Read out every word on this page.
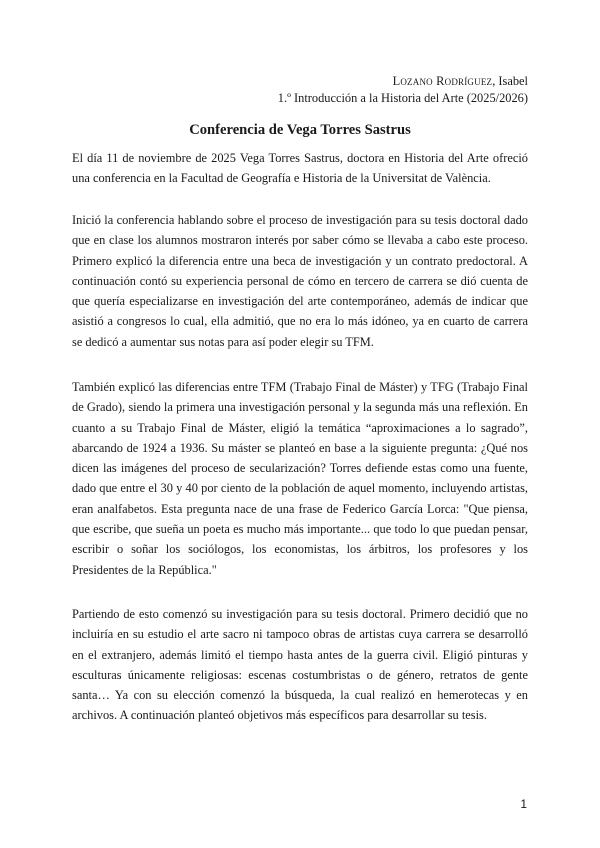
Lozano Rodríguez, Isabel
1.º Introducción a la Historia del Arte (2025/2026)
Conferencia de Vega Torres Sastrus

El día 11 de noviembre de 2025 Vega Torres Sastrus, doctora en Historia del Arte ofreció una conferencia en la Facultad de Geografía e Historia de la Universitat de València.

Inició la conferencia hablando sobre el proceso de investigación para su tesis doctoral dado que en clase los alumnos mostraron interés por saber cómo se llevaba a cabo este proceso. Primero explicó la diferencia entre una beca de investigación y un contrato predoctoral. A continuación contó su experiencia personal de cómo en tercero de carrera se dió cuenta de que quería especializarse en investigación del arte contemporáneo, además de indicar que asistió a congresos lo cual, ella admitió, que no era lo más idóneo, ya en cuarto de carrera se dedicó a aumentar sus notas para así poder elegir su TFM.

También explicó las diferencias entre TFM (Trabajo Final de Máster) y TFG (Trabajo Final de Grado), siendo la primera una investigación personal y la segunda más una reflexión. En cuanto a su Trabajo Final de Máster, eligió la temática “aproximaciones a lo sagrado”, abarcando de 1924 a 1936. Su máster se planteó en base a la siguiente pregunta: ¿Qué nos dicen las imágenes del proceso de secularización? Torres defiende estas como una fuente, dado que entre el 30 y 40 por ciento de la población de aquel momento, incluyendo artistas, eran analfabetos. Esta pregunta nace de una frase de Federico García Lorca: "Que piensa, que escribe, que sueña un poeta es mucho más importante... que todo lo que puedan pensar, escribir o soñar los sociólogos, los economistas, los árbitros, los profesores y los Presidentes de la República."

Partiendo de esto comenzó su investigación para su tesis doctoral. Primero decidió que no incluiría en su estudio el arte sacro ni tampoco obras de artistas cuya carrera se desarrolló en el extranjero, además limitó el tiempo hasta antes de la guerra civil. Eligió pinturas y esculturas únicamente religiosas: escenas costumbristas o de género, retratos de gente santa… Ya con su elección comenzó la búsqueda, la cual realizó en hemerotecas y en archivos. A continuación planteó objetivos más específicos para desarrollar su tesis.

1
